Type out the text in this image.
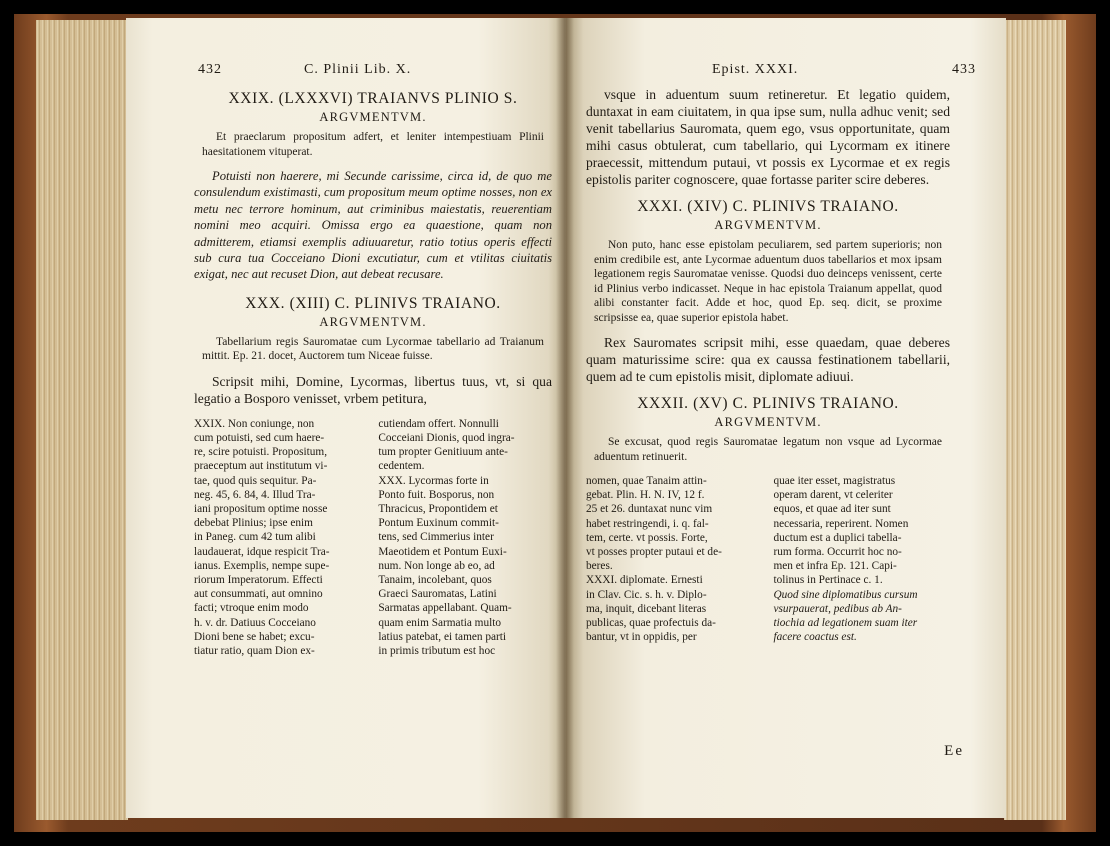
432	C. Plinii Lib. X.
XXIX. (LXXXVI) TRAIANVS PLINIO S.
ARGVMENTVM.
Et praeclarum propositum adfert, et leniter intempestiuam Plinii haesitationem vituperat.
Potuisti non haerere, mi Secunde carissime, circa id, de quo me consulendum existimasti, cum propositum meum optime nosses, non ex metu nec terrore hominum, aut criminibus maiestatis, reuerentiam nomini meo acquiri. Omissa ergo ea quaestione, quam non admitterem, etiamsi exemplis adiuuaretur, ratio totius operis effecti sub cura tua Cocceiano Dioni excutiatur, cum et vtilitas ciuitatis exigat, nec aut recuset Dion, aut debeat recusare.
XXX. (XIII) C. PLINIVS TRAIANO.
ARGVMENTVM.
Tabellarium regis Sauromatae cum Lycormae tabellario ad Traianum mittit. Ep. 21. docet, Auctorem tum Niceae fuisse.
Scripsit mihi, Domine, Lycormas, libertus tuus, vt, si qua legatio a Bosporo venisset, vrbem petitura,
XXIX. Non coniunge, non
cum potuisti, sed cum haere-
re, scire potuisti. Propositum,
praeceptum aut institutum vi-
tae, quod quis sequitur. Pa-
neg. 45, 6. 84, 4. Illud Tra-
iani propositum optime nosse
debebat Plinius; ipse enim
in Paneg. cum 42 tum alibi
laudauerat, idque respicit Tra-
ianus. Exemplis, nempe supe-
riorum Imperatorum. Effecti
aut consummati, aut omnino
facti; vtroque enim modo
h. v. dr. Datiuus Cocceiano
Dioni bene se habet; excu-
tiatur ratio, quam Dion ex-
cutiendam offert. Nonnulli
Cocceiani Dionis, quod ingra-
tum propter Genitiuum ante-
cedentem.
XXX. Lycormas forte in
Ponto fuit. Bosporus, non
Thracicus, Propontidem et
Pontum Euxinum commit-
tens, sed Cimmerius inter
Maeotidem et Pontum Euxi-
num. Non longe ab eo, ad
Tanaim, incolebant, quos
Graeci Sauromatas, Latini
Sarmatas appellabant. Quam-
quam enim Sarmatia multo
latius patebat, ei tamen parti
in primis tributum est hoc
Epist. XXXI.	433
vsque in aduentum suum retineretur. Et legatio quidem, duntaxat in eam ciuitatem, in qua ipse sum, nulla adhuc venit; sed venit tabellarius Sauromata, quem ego, vsus opportunitate, quam mihi casus obtulerat, cum tabellario, qui Lycormam ex itinere praecessit, mittendum putaui, vt possis ex Lycormae et ex regis epistolis pariter cognoscere, quae fortasse pariter scire deberes.
XXXI. (XIV) C. PLINIVS TRAIANO.
ARGVMENTVM.
Non puto, hanc esse epistolam peculiarem, sed partem superioris; non enim credibile est, ante Lycormae aduentum duos tabellarios et mox ipsam legationem regis Sauromatae venisse. Quodsi duo deinceps venissent, certe id Plinius verbo indicasset. Neque in hac epistola Traianum appellat, quod alibi constanter facit. Adde et hoc, quod Ep. seq. dicit, se proxime scripsisse ea, quae superior epistola habet.
Rex Sauromates scripsit mihi, esse quaedam, quae deberes quam maturissime scire: qua ex caussa festinationem tabellarii, quem ad te cum epistolis misit, diplomate adiuui.
XXXII. (XV) C. PLINIVS TRAIANO.
ARGVMENTVM.
Se excusat, quod regis Sauromatae legatum non vsque ad Lycormae aduentum retinuerit.
nomen, quae Tanaim attin-
gebat. Plin. H. N. IV, 12 f.
25 et 26. duntaxat nunc vim
habet restringendi, i. q. fal-
tem, certe. vt possis. Forte,
vt posses propter putaui et de-
beres.
XXXI. diplomate. Ernesti
in Clav. Cic. s. h. v. Diplo-
ma, inquit, dicebant literas
publicas, quae profectuis da-
bantur, vt in oppidis, per
quae iter esset, magistratus
operam darent, vt celeriter
equos, et quae ad iter sunt
necessaria, reperirent. Nomen
ductum est a duplici tabella-
rum forma. Occurrit hoc no-
men et infra Ep. 121. Capi-
tolinus in Pertinace c. 1.
Quod sine diplomatibus cursum
vsurpauerat, pedibus ab An-
tiochia ad legationem suam iter
facere coactus est.
Ee
